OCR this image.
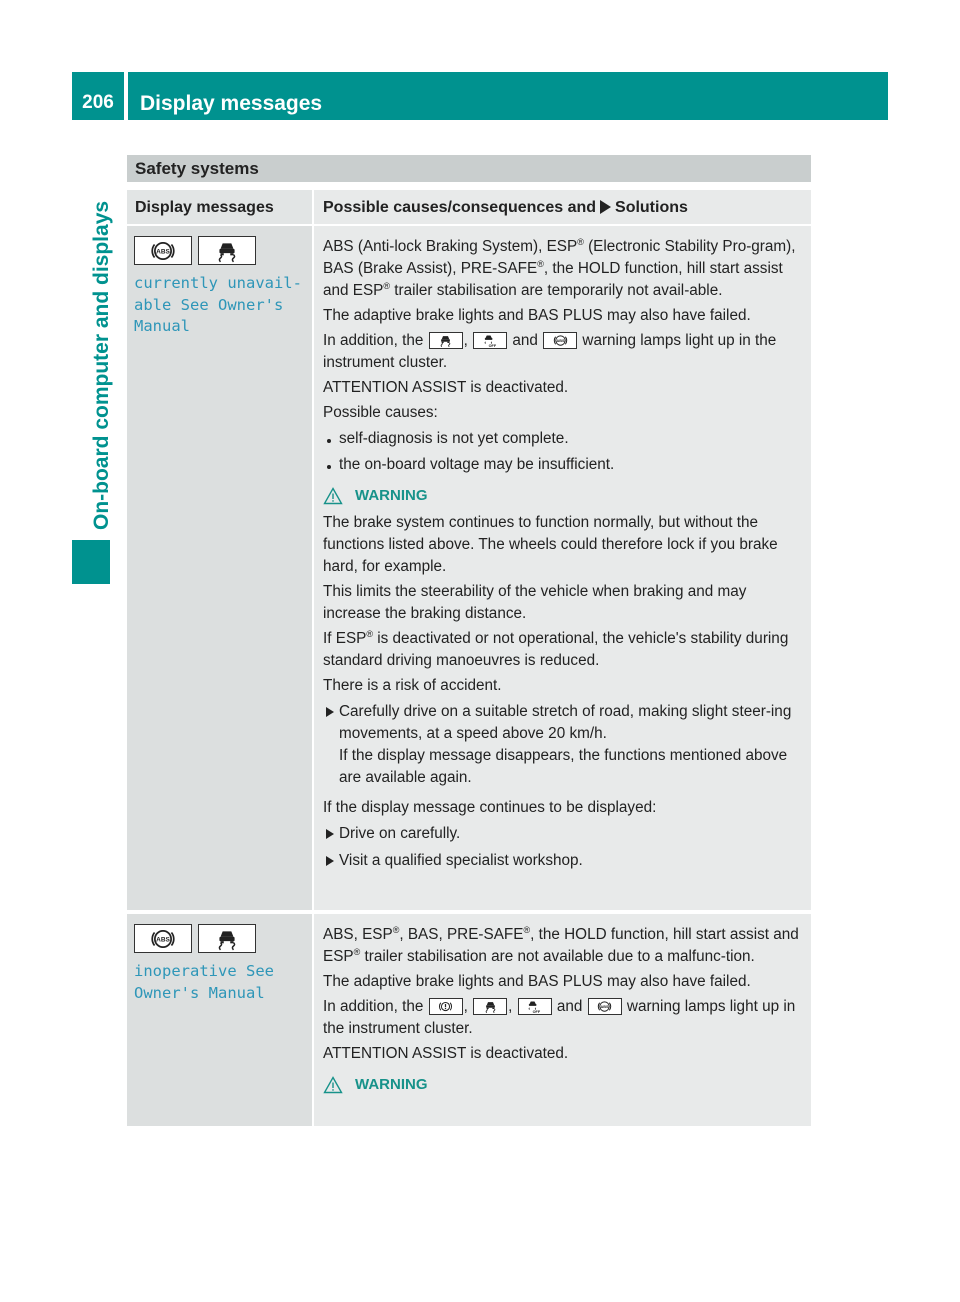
206	Display messages
On-board computer and displays
Safety systems
Display messages	Possible causes/consequences and Solutions
currently unavail‐
able See Owner's
Manual

ABS (Anti-lock Braking System), ESP® (Electronic Stability Pro-gram), BAS (Brake Assist), PRE-SAFE®, the HOLD function, hill start assist and ESP® trailer stabilisation are temporarily not avail-able.

The adaptive brake lights and BAS PLUS may also have failed.

In addition, the	,	and	warning lamps light up in the instrument cluster.

ATTENTION ASSIST is deactivated.

Possible causes:

self-diagnosis is not yet complete.
the on-board voltage may be insufficient.
WARNING

The brake system continues to function normally, but without the functions listed above. The wheels could therefore lock if you brake hard, for example.

This limits the steerability of the vehicle when braking and may increase the braking distance.

If ESP® is deactivated or not operational, the vehicle's stability during standard driving manoeuvres is reduced.

There is a risk of accident.

Carefully drive on a suitable stretch of road, making slight steer-ing movements, at a speed above 20 km/h.
If the display message disappears, the functions mentioned above are available again.

If the display message continues to be displayed:

Drive on carefully.
Visit a qualified specialist workshop.
inoperative See
Owner's Manual

ABS, ESP®, BAS, PRE-SAFE®, the HOLD function, hill start assist and ESP® trailer stabilisation are not available due to a malfunc-tion.

The adaptive brake lights and BAS PLUS may also have failed.

In addition, the	,	,	and	warning lamps light up in the instrument cluster.

ATTENTION ASSIST is deactivated.

WARNING
